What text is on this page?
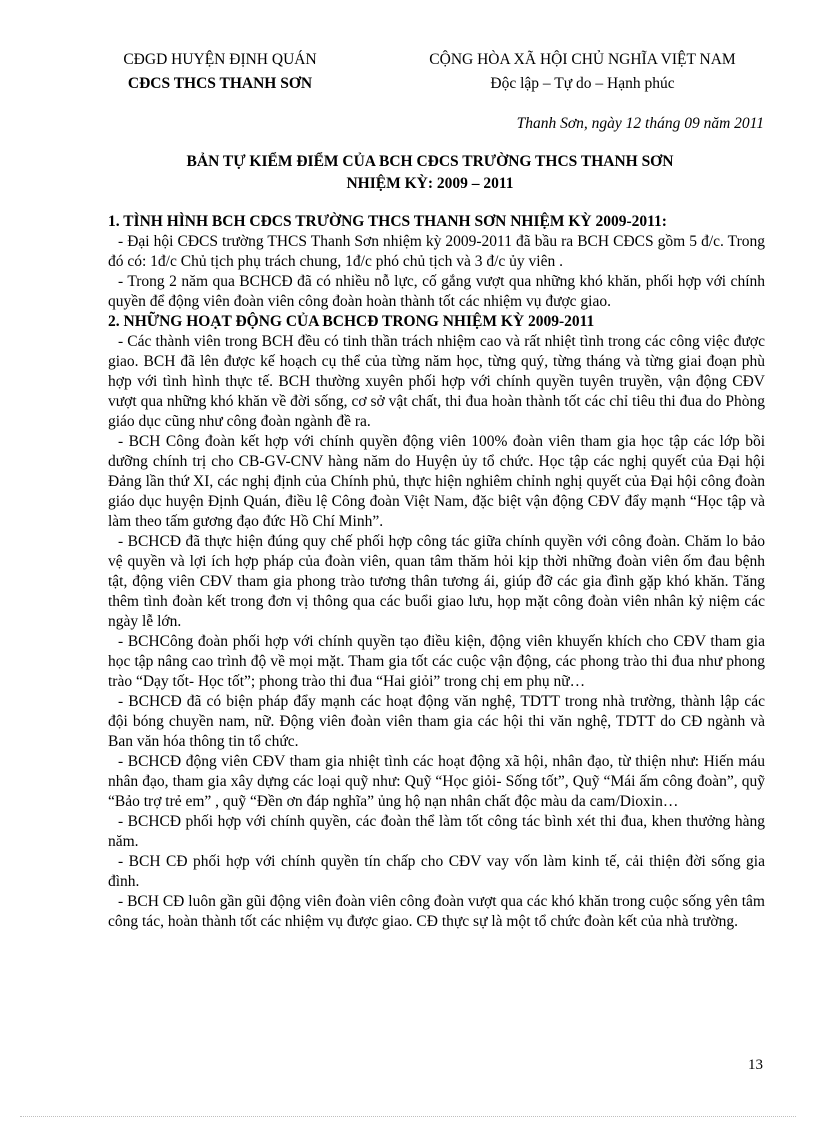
CĐGD HUYỆN ĐỊNH QUÁN
CĐCS THCS THANH SƠN
CỘNG HÒA XÃ HỘI CHỦ NGHĨA VIỆT NAM
Độc lập – Tự do – Hạnh phúc
Thanh Sơn, ngày 12 tháng 09 năm 2011
BẢN TỰ KIỂM ĐIỂM CỦA BCH CĐCS TRƯỜNG THCS THANH SƠN
NHIỆM KỲ: 2009 – 2011
1. TÌNH HÌNH BCH CĐCS TRƯỜNG THCS THANH SƠN NHIỆM KỲ 2009-2011:

- Đại hội CĐCS trường THCS Thanh Sơn nhiệm kỳ 2009-2011 đã bầu ra BCH CĐCS gồm 5 đ/c. Trong đó có: 1đ/c Chủ tịch phụ trách chung, 1đ/c phó chủ tịch và 3 đ/c ủy viên .

- Trong 2 năm qua BCHCĐ đã có nhiều nỗ lực, cố gắng vượt qua những khó khăn, phối hợp với chính quyền để động viên đoàn viên công đoàn hoàn thành tốt các nhiệm vụ được giao.

2. NHỮNG HOẠT ĐỘNG CỦA BCHCĐ TRONG NHIỆM KỲ 2009-2011

- Các thành viên trong BCH đều có tinh thần trách nhiệm cao và rất nhiệt tình trong các công việc được giao. BCH đã lên được kế hoạch cụ thể của từng năm học, từng quý, từng tháng và từng giai đoạn phù hợp với tình hình thực tế. BCH thường xuyên phối hợp với chính quyền tuyên truyền, vận động CĐV vượt qua những khó khăn về đời sống, cơ sở vật chất, thi đua hoàn thành tốt các chỉ tiêu thi đua do Phòng giáo dục cũng như công đoàn ngành đề ra.

- BCH Công đoàn kết hợp với chính quyền động viên 100% đoàn viên tham gia học tập các lớp bồi dưỡng chính trị cho CB-GV-CNV hàng năm do Huyện ủy tổ chức. Học tập các nghị quyết của Đại hội Đảng lần thứ XI, các nghị định của Chính phủ, thực hiện nghiêm chỉnh nghị quyết của Đại hội công đoàn giáo dục huyện Định Quán, điều lệ Công đoàn Việt Nam, đặc biệt vận động CĐV đẩy mạnh “Học tập và làm theo tấm gương đạo đức Hồ Chí Minh”.

- BCHCĐ đã thực hiện đúng quy chế phối hợp công tác giữa chính quyền với công đoàn. Chăm lo bảo vệ quyền và lợi ích hợp pháp của đoàn viên, quan tâm thăm hỏi kịp thời những đoàn viên ốm đau bệnh tật, động viên CĐV tham gia phong trào tương thân tương ái, giúp đỡ các gia đình gặp khó khăn. Tăng thêm tình đoàn kết trong đơn vị thông qua các buổi giao lưu, họp mặt công đoàn viên nhân kỷ niệm các ngày lễ lớn.

- BCHCông đoàn phối hợp với chính quyền tạo điều kiện, động viên khuyến khích cho CĐV tham gia học tập nâng cao trình độ về mọi mặt. Tham gia tốt các cuộc vận động, các phong trào thi đua như phong trào “Dạy tốt- Học tốt”; phong trào thi đua “Hai giỏi” trong chị em phụ nữ…

- BCHCĐ đã có biện pháp đẩy mạnh các hoạt động văn nghệ, TDTT trong nhà trường, thành lập các đội bóng chuyền nam, nữ. Động viên đoàn viên tham gia các hội thi văn nghệ, TDTT do CĐ ngành và Ban văn hóa thông tin tổ chức.

- BCHCĐ động viên CĐV tham gia nhiệt tình các hoạt động xã hội, nhân đạo, từ thiện như: Hiến máu nhân đạo, tham gia xây dựng các loại quỹ như: Quỹ “Học giỏi- Sống tốt”, Quỹ “Mái ấm công đoàn”, quỹ “Bảo trợ trẻ em” , quỹ “Đền ơn đáp nghĩa” ủng hộ nạn nhân chất độc màu da cam/Dioxin…

- BCHCĐ phối hợp với chính quyền, các đoàn thể làm tốt công tác bình xét thi đua, khen thưởng hàng năm.

- BCH CĐ phối hợp với chính quyền tín chấp cho CĐV vay vốn làm kinh tế, cải thiện đời sống gia đình.

- BCH CĐ luôn gần gũi động viên đoàn viên công đoàn vượt qua các khó khăn trong cuộc sống yên tâm công tác, hoàn thành tốt các nhiệm vụ được giao. CĐ thực sự là một tổ chức đoàn kết của nhà trường.

13
